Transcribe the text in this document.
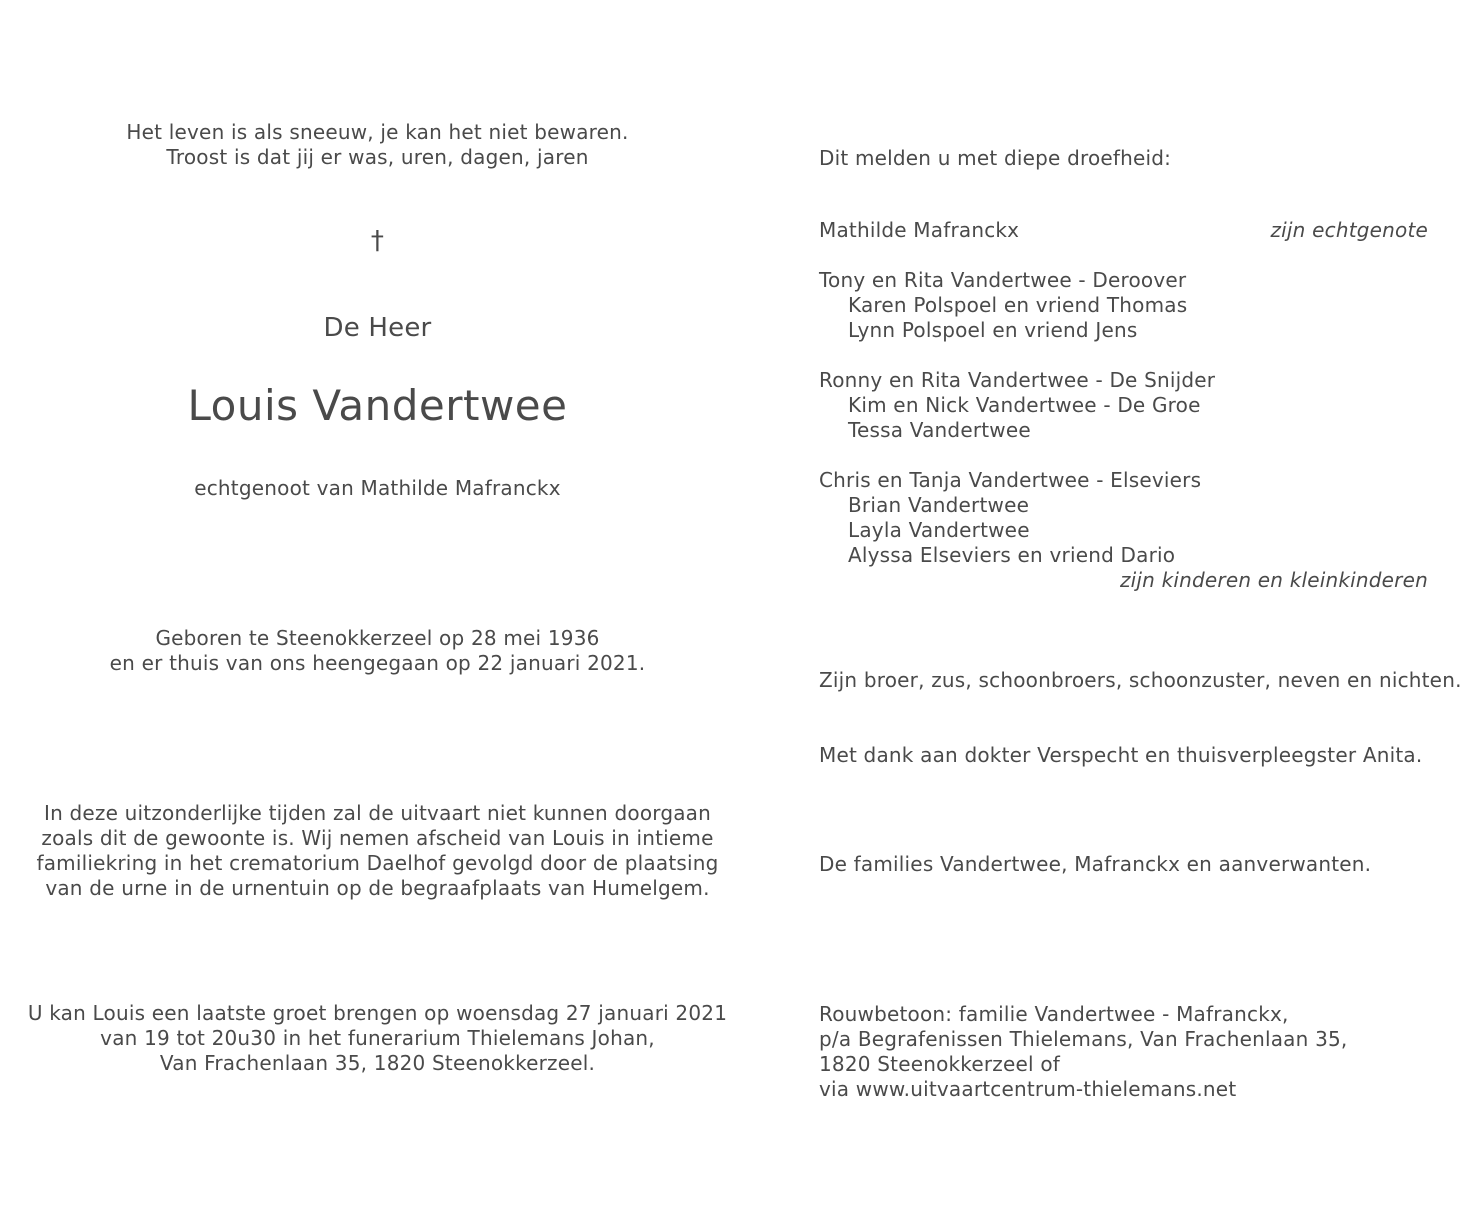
Het leven is als sneeuw, je kan het niet bewaren.
Troost is dat jij er was, uren, dagen, jaren
†
De Heer
Louis Vandertwee
echtgenoot van Mathilde Mafranckx
Geboren te Steenokkerzeel op 28 mei 1936
en er thuis van ons heengegaan op 22 januari 2021.
In deze uitzonderlijke tijden zal de uitvaart niet kunnen doorgaan
zoals dit de gewoonte is. Wij nemen afscheid van Louis in intieme
familiekring in het crematorium Daelhof gevolgd door de plaatsing
van de urne in de urnentuin op de begraafplaats van Humelgem.
U kan Louis een laatste groet brengen op woensdag 27 januari 2021
van 19 tot 20u30 in het funerarium Thielemans Johan,
Van Frachenlaan 35, 1820 Steenokkerzeel.
Dit melden u met diepe droefheid:
Mathilde Mafranckx	zijn echtgenote
Tony en Rita Vandertwee - Deroover
Karen Polspoel en vriend Thomas
Lynn Polspoel en vriend Jens
Ronny en Rita Vandertwee - De Snijder
Kim en Nick Vandertwee - De Groe
Tessa Vandertwee
Chris en Tanja Vandertwee - Elseviers
Brian Vandertwee
Layla Vandertwee
Alyssa Elseviers en vriend Dario
zijn kinderen en kleinkinderen
Zijn broer, zus, schoonbroers, schoonzuster, neven en nichten.
Met dank aan dokter Verspecht en thuisverpleegster Anita.
De families Vandertwee, Mafranckx en aanverwanten.
Rouwbetoon: familie Vandertwee - Mafranckx,
p/a Begrafenissen Thielemans, Van Frachenlaan 35,
1820 Steenokkerzeel of
via www.uitvaartcentrum-thielemans.net
